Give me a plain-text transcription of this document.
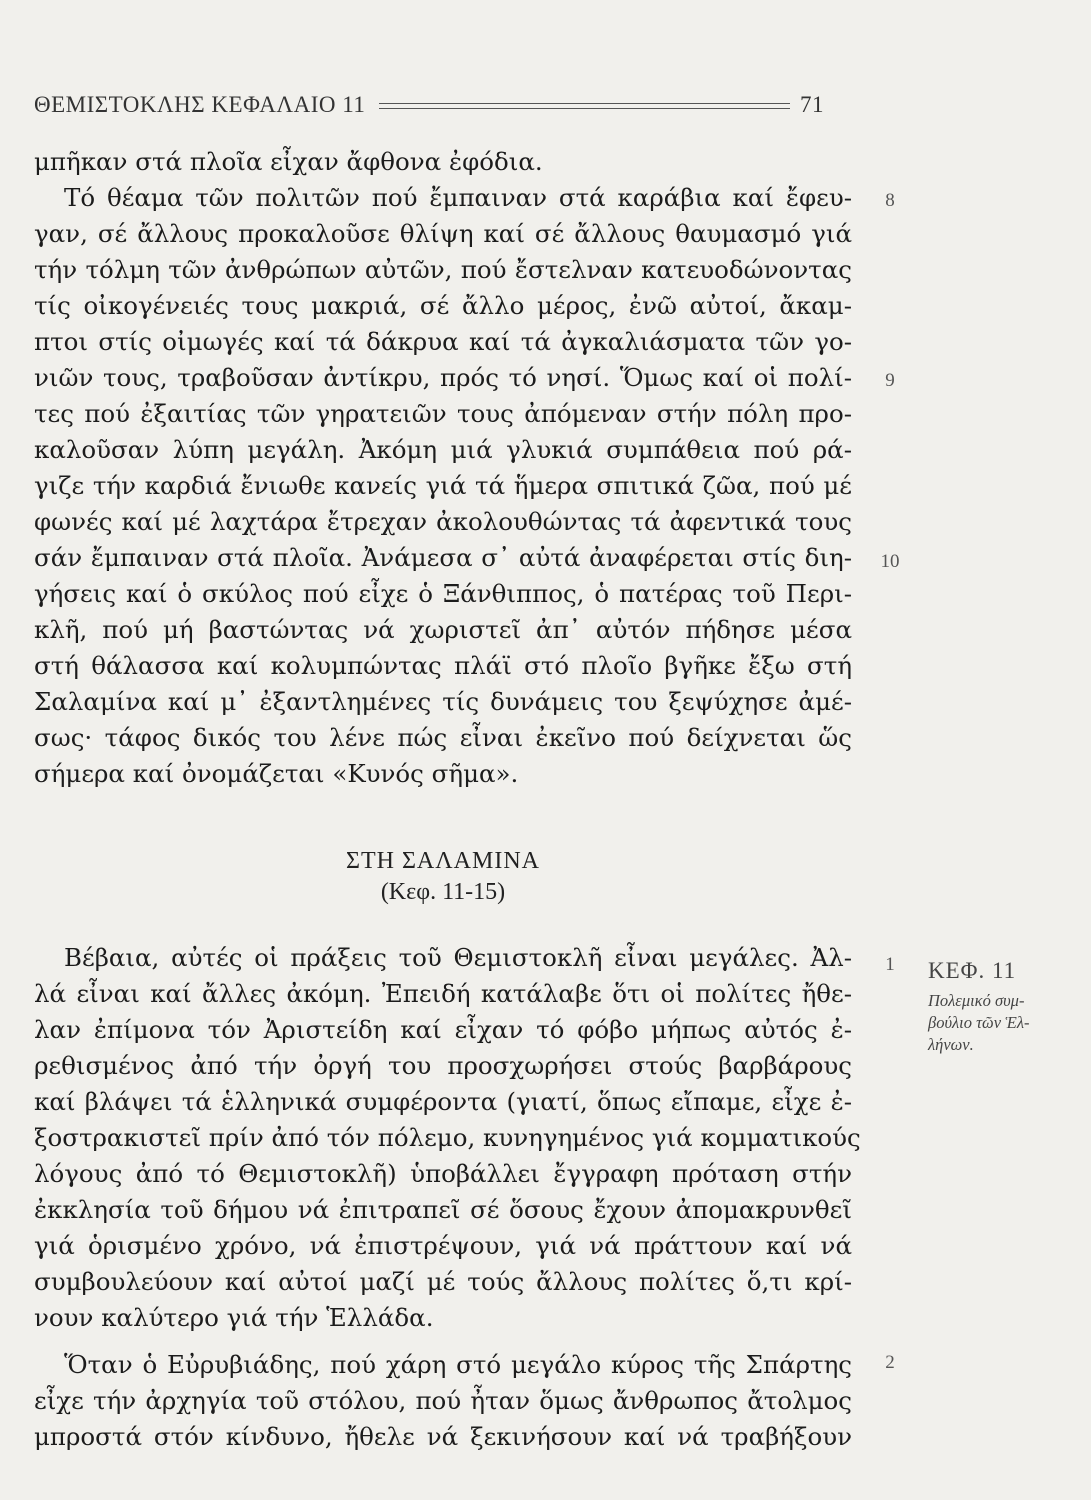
ΘΕΜΙΣΤΟΚΛΗΣ ΚΕΦΑΛΑΙΟ 11	71
μπῆκαν στά πλοῖα εἶχαν ἄφθονα ἐφόδια.
Τό θέαμα τῶν πολιτῶν πού ἔμπαιναν στά καράβια καί ἔφευ-
γαν, σέ ἄλλους προκαλοῦσε θλίψη καί σέ ἄλλους θαυμασμό γιά
τήν τόλμη τῶν ἀνθρώπων αὐτῶν, πού ἔστελναν κατευοδώνοντας
τίς οἰκογένειές τους μακριά, σέ ἄλλο μέρος, ἐνῶ αὐτοί, ἄκαμ-
πτοι στίς οἰμωγές καί τά δάκρυα καί τά ἀγκαλιάσματα τῶν γο-
νιῶν τους, τραβοῦσαν ἀντίκρυ, πρός τό νησί. Ὅμως καί οἱ πολί-
τες πού ἐξαιτίας τῶν γηρατειῶν τους ἀπόμεναν στήν πόλη προ-
καλοῦσαν λύπη μεγάλη. Ἀκόμη μιά γλυκιά συμπάθεια πού ρά-
γιζε τήν καρδιά ἔνιωθε κανείς γιά τά ἥμερα σπιτικά ζῶα, πού μέ
φωνές καί μέ λαχτάρα ἔτρεχαν ἀκολουθώντας τά ἀφεντικά τους
σάν ἔμπαιναν στά πλοῖα. Ἀνάμεσα σ᾽ αὐτά ἀναφέρεται στίς διη-
γήσεις καί ὁ σκύλος πού εἶχε ὁ Ξάνθιππος, ὁ πατέρας τοῦ Περι-
κλῆ, πού μή βαστώντας νά χωριστεῖ ἀπ᾽ αὐτόν πήδησε μέσα
στή θάλασσα καί κολυμπώντας πλάϊ στό πλοῖο βγῆκε ἔξω στή
Σαλαμίνα καί μ᾽ ἐξαντλημένες τίς δυνάμεις του ξεψύχησε ἀμέ-
σως· τάφος δικός του λένε πώς εἶναι ἐκεῖνο πού δείχνεται ὥς
σήμερα καί ὀνομάζεται «Κυνός σῆμα».
ΣΤΗ ΣΑΛΑΜΙΝΑ
(Κεφ. 11-15)
Βέβαια, αὐτές οἱ πράξεις τοῦ Θεμιστοκλῆ εἶναι μεγάλες. Ἀλ-
λά εἶναι καί ἄλλες ἀκόμη. Ἐπειδή κατάλαβε ὅτι οἱ πολίτες ἤθε-
λαν ἐπίμονα τόν Ἀριστείδη καί εἶχαν τό φόβο μήπως αὐτός ἐ-
ρεθισμένος ἀπό τήν ὀργή του προσχωρήσει στούς βαρβάρους
καί βλάψει τά ἑλληνικά συμφέροντα (γιατί, ὅπως εἴπαμε, εἶχε ἐ-
ξοστρακιστεῖ πρίν ἀπό τόν πόλεμο, κυνηγημένος γιά κομματικούς
λόγους ἀπό τό Θεμιστοκλῆ) ὑποβάλλει ἔγγραφη πρόταση στήν
ἐκκλησία τοῦ δήμου νά ἐπιτραπεῖ σέ ὅσους ἔχουν ἀπομακρυνθεῖ
γιά ὁρισμένο χρόνο, νά ἐπιστρέψουν, γιά νά πράττουν καί νά
συμβουλεύουν καί αὐτοί μαζί μέ τούς ἄλλους πολίτες ὅ,τι κρί-
νουν καλύτερο γιά τήν Ἑλλάδα.
Ὅταν ὁ Εὐρυβιάδης, πού χάρη στό μεγάλο κύρος τῆς Σπάρτης
εἶχε τήν ἀρχηγία τοῦ στόλου, πού ἦταν ὅμως ἄνθρωπος ἄτολμος
μπροστά στόν κίνδυνο, ἤθελε νά ξεκινήσουν καί νά τραβήξουν
8
9
10
1
2
ΚΕΦ. 11
Πολεμικό συμ-
βούλιο τῶν Ἑλ-
λήνων.
